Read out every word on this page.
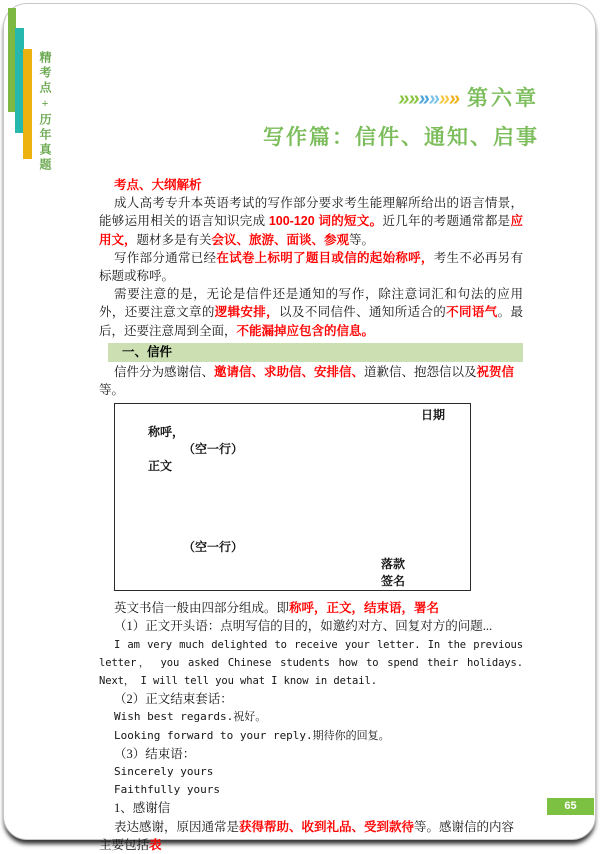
精考点+历年真题	»»»»»» 第六章
写作篇：信件、通知、启事
考点、大纲解析
成人高考专升本英语考试的写作部分要求考生能理解所给出的语言情景，能够运用相关的语言知识完成 100-120 词的短文。近几年的考题通常都是应用文，题材多是有关会议、旅游、面谈、参观等。
写作部分通常已经在试卷上标明了题目或信的起始称呼，考生不必再另有标题或称呼。
需要注意的是，无论是信件还是通知的写作，除注意词汇和句法的应用外，还要注意文章的逻辑安排，以及不同信件、通知所适合的不同语气。最后，还要注意周到全面，不能漏掉应包含的信息。
一、信件
信件分为感谢信、邀请信、求助信、安排信、道歉信、抱怨信以及祝贺信等。
日期
称呼，
（空一行）
正文
（空一行）
落款
签名
英文书信一般由四部分组成。即称呼，正文，结束语，署名
（1）正文开头语：点明写信的目的，如邀约对方、回复对方的问题...
I am very much delighted to receive your letter. In the previous letter， you asked Chinese students how to spend their holidays. Next， I will tell you what I know in detail.
（2）正文结束套话：
Wish best regards.祝好。
Looking forward to your reply.期待你的回复。
（3）结束语：
Sincerely yours
Faithfully yours
1、感谢信
表达感谢，原因通常是获得帮助、收到礼品、受到款待等。感谢信的内容主要包括表
65
